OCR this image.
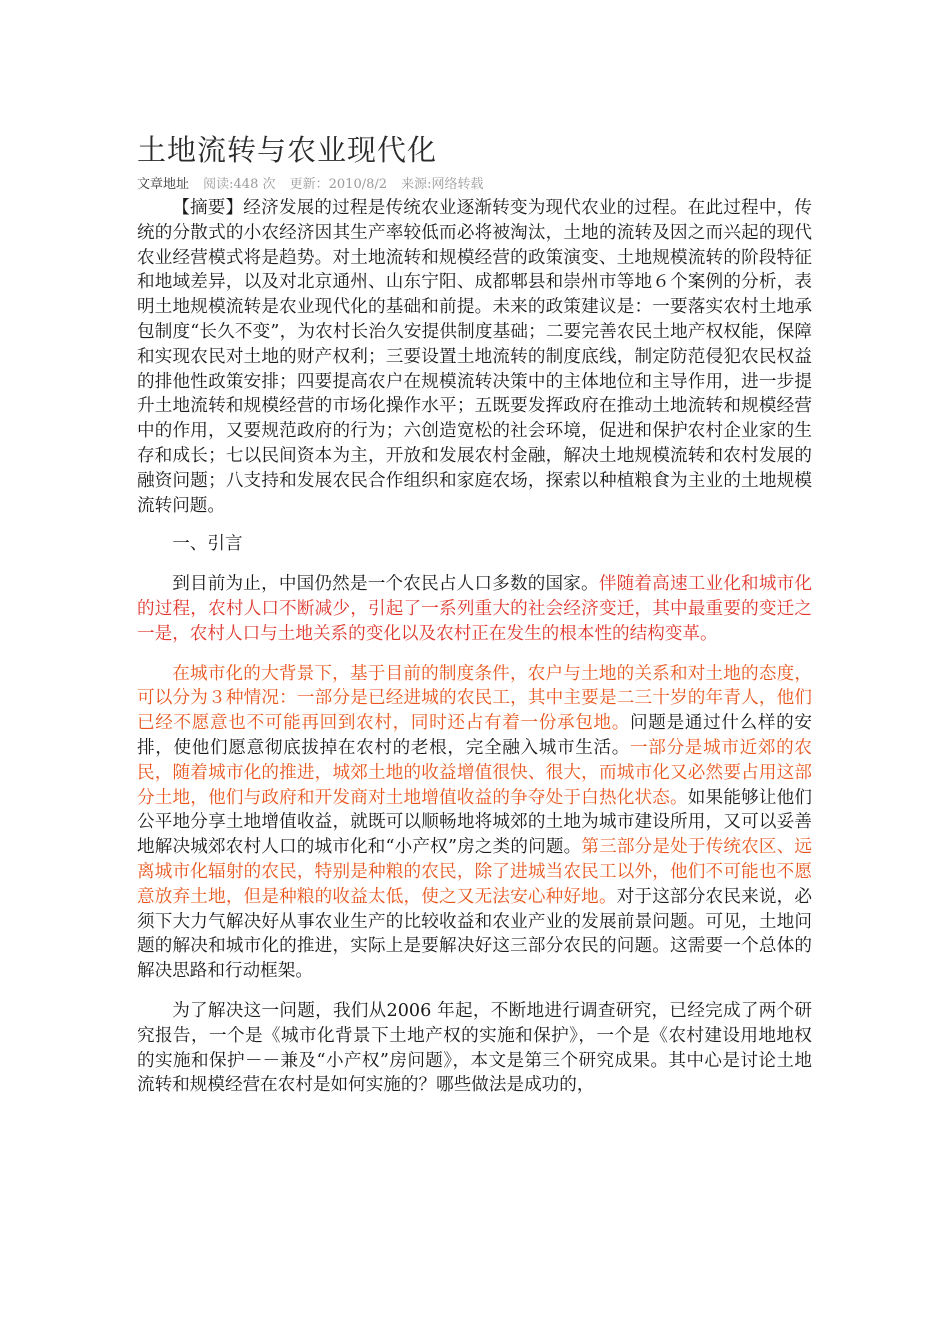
土地流转与农业现代化
文章地址 阅读:448 次 更新：2010/8/2 来源:网络转载

【摘要】经济发展的过程是传统农业逐渐转变为现代农业的过程。在此过程中，传统的分散式的小农经济因其生产率较低而必将被淘汰，土地的流转及因之而兴起的现代农业经营模式将是趋势。对土地流转和规模经营的政策演变、土地规模流转的阶段特征和地域差异，以及对北京通州、山东宁阳、成都郫县和崇州市等地６个案例的分析，表明土地规模流转是农业现代化的基础和前提。未来的政策建议是：一要落实农村土地承包制度“长久不变”，为农村长治久安提供制度基础；二要完善农民土地产权权能，保障和实现农民对土地的财产权利；三要设置土地流转的制度底线，制定防范侵犯农民权益的排他性政策安排；四要提高农户在规模流转决策中的主体地位和主导作用，进一步提升土地流转和规模经营的市场化操作水平；五既要发挥政府在推动土地流转和规模经营中的作用，又要规范政府的行为；六创造宽松的社会环境，促进和保护农村企业家的生存和成长；七以民间资本为主，开放和发展农村金融，解决土地规模流转和农村发展的融资问题；八支持和发展农民合作组织和家庭农场，探索以种植粮食为主业的土地规模流转问题。

一、引言

到目前为止，中国仍然是一个农民占人口多数的国家。伴随着高速工业化和城市化的过程，农村人口不断减少，引起了一系列重大的社会经济变迁，其中最重要的变迁之一是，农村人口与土地关系的变化以及农村正在发生的根本性的结构变革。

在城市化的大背景下，基于目前的制度条件，农户与土地的关系和对土地的态度，可以分为３种情况：一部分是已经进城的农民工，其中主要是二三十岁的年青人，他们已经不愿意也不可能再回到农村，同时还占有着一份承包地。问题是通过什么样的安排，使他们愿意彻底拔掉在农村的老根，完全融入城市生活。一部分是城市近郊的农民，随着城市化的推进，城郊土地的收益增值很快、很大，而城市化又必然要占用这部分土地，他们与政府和开发商对土地增值收益的争夺处于白热化状态。如果能够让他们公平地分享土地增值收益，就既可以顺畅地将城郊的土地为城市建设所用，又可以妥善地解决城郊农村人口的城市化和“小产权”房之类的问题。第三部分是处于传统农区、远离城市化辐射的农民，特别是种粮的农民，除了进城当农民工以外，他们不可能也不愿意放弃土地，但是种粮的收益太低，使之又无法安心种好地。对于这部分农民来说，必须下大力气解决好从事农业生产的比较收益和农业产业的发展前景问题。可见，土地问题的解决和城市化的推进，实际上是要解决好这三部分农民的问题。这需要一个总体的解决思路和行动框架。

为了解决这一问题，我们从2006 年起，不断地进行调查研究，已经完成了两个研究报告，一个是《城市化背景下土地产权的实施和保护》，一个是《农村建设用地地权的实施和保护－－兼及“小产权”房问题》，本文是第三个研究成果。其中心是讨论土地流转和规模经营在农村是如何实施的？哪些做法是成功的，
